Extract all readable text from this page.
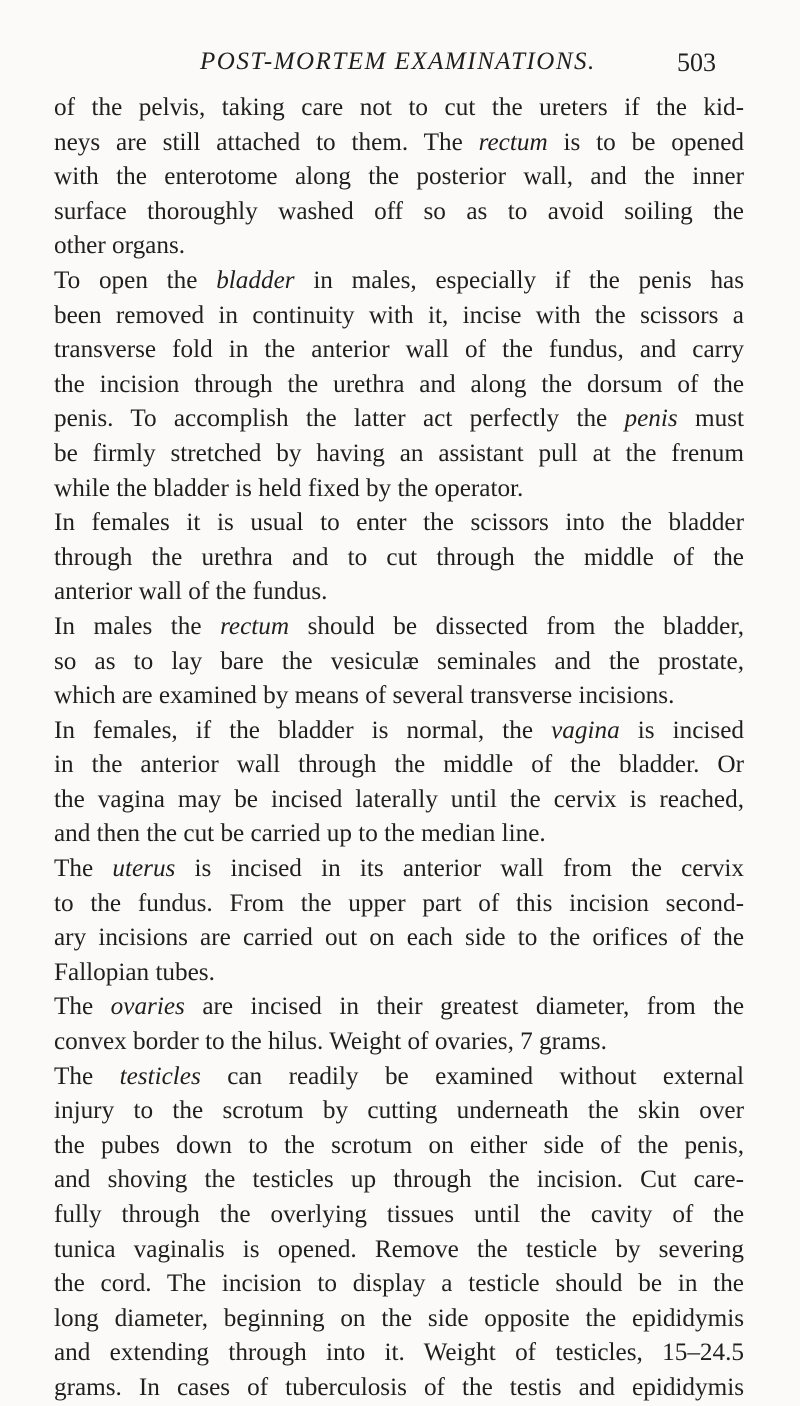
POST-MORTEM EXAMINATIONS.	503
of the pelvis, taking care not to cut the ureters if the kid-
neys are still attached to them. The rectum is to be opened
with the enterotome along the posterior wall, and the inner
surface thoroughly washed off so as to avoid soiling the
other organs.
To open the bladder in males, especially if the penis has
been removed in continuity with it, incise with the scissors a
transverse fold in the anterior wall of the fundus, and carry
the incision through the urethra and along the dorsum of the
penis. To accomplish the latter act perfectly the penis must
be firmly stretched by having an assistant pull at the frenum
while the bladder is held fixed by the operator.
In females it is usual to enter the scissors into the bladder
through the urethra and to cut through the middle of the
anterior wall of the fundus.
In males the rectum should be dissected from the bladder,
so as to lay bare the vesiculæ seminales and the prostate,
which are examined by means of several transverse incisions.
In females, if the bladder is normal, the vagina is incised
in the anterior wall through the middle of the bladder. Or
the vagina may be incised laterally until the cervix is reached,
and then the cut be carried up to the median line.
The uterus is incised in its anterior wall from the cervix
to the fundus. From the upper part of this incision second-
ary incisions are carried out on each side to the orifices of the
Fallopian tubes.
The ovaries are incised in their greatest diameter, from the
convex border to the hilus. Weight of ovaries, 7 grams.
The testicles can readily be examined without external
injury to the scrotum by cutting underneath the skin over
the pubes down to the scrotum on either side of the penis,
and shoving the testicles up through the incision. Cut care-
fully through the overlying tissues until the cavity of the
tunica vaginalis is opened. Remove the testicle by severing
the cord. The incision to display a testicle should be in the
long diameter, beginning on the side opposite the epididymis
and extending through into it. Weight of testicles, 15–24.5
grams. In cases of tuberculosis of the testis and epididymis
